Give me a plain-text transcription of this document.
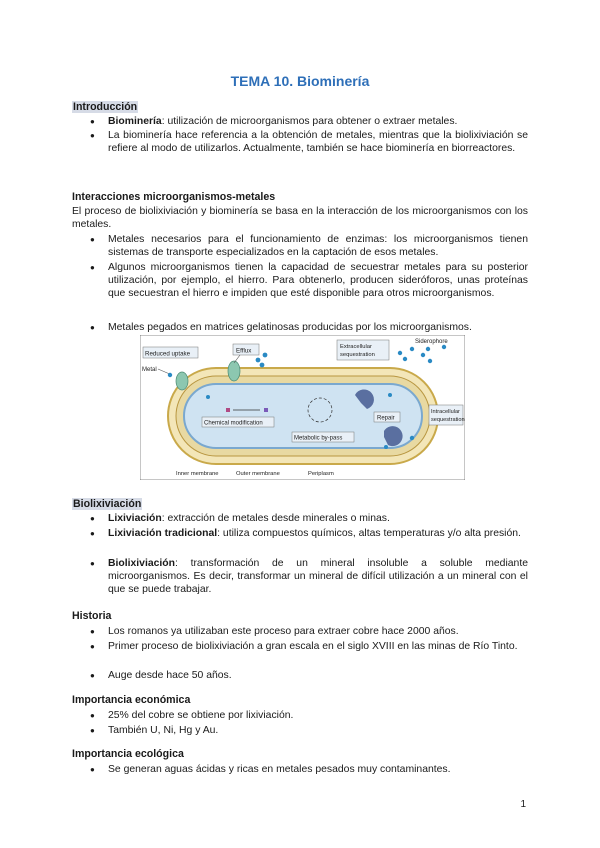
TEMA 10. Biominería
Introducción
● Biominería: utilización de microorganismos para obtener o extraer metales.
● La biominería hace referencia a la obtención de metales, mientras que la biolixiviación se refiere al modo de utilizarlos. Actualmente, también se hace biominería en biorreactores.
Interacciones microorganismos-metales
El proceso de biolixiviación y biominería se basa en la interacción de los microorganismos con los metales.
● Metales necesarios para el funcionamiento de enzimas: los microorganismos tienen sistemas de transporte especializados en la captación de esos metales.
● Algunos microorganismos tienen la capacidad de secuestrar metales para su posterior utilización, por ejemplo, el hierro. Para obtenerlo, producen sideróforos, unas proteínas que secuestran el hierro e impiden que esté disponible para otros microorganismos.
● Metales pegados en matrices gelatinosas producidas por los microorganismos.
Reduced uptake
Metal
Efflux
Extracellular
sequestration
Siderophore
Chemical modification
Metabolic by-pass
Repair
Intracellular
sequestration
Inner membrane	Outer membrane	Periplasm
Biolixiviación
● Lixiviación: extracción de metales desde minerales o minas.
● Lixiviación tradicional: utiliza compuestos químicos, altas temperaturas y/o alta presión.
● Biolixiviación: transformación de un mineral insoluble a soluble mediante microorganismos. Es decir, transformar un mineral de difícil utilización a un mineral con el que se puede trabajar.
Historia
● Los romanos ya utilizaban este proceso para extraer cobre hace 2000 años.
● Primer proceso de biolixiviación a gran escala en el siglo XVIII en las minas de Río Tinto.
● Auge desde hace 50 años.
Importancia económica
● 25% del cobre se obtiene por lixiviación.
● También U, Ni, Hg y Au.
Importancia ecológica
● Se generan aguas ácidas y ricas en metales pesados muy contaminantes.
1
